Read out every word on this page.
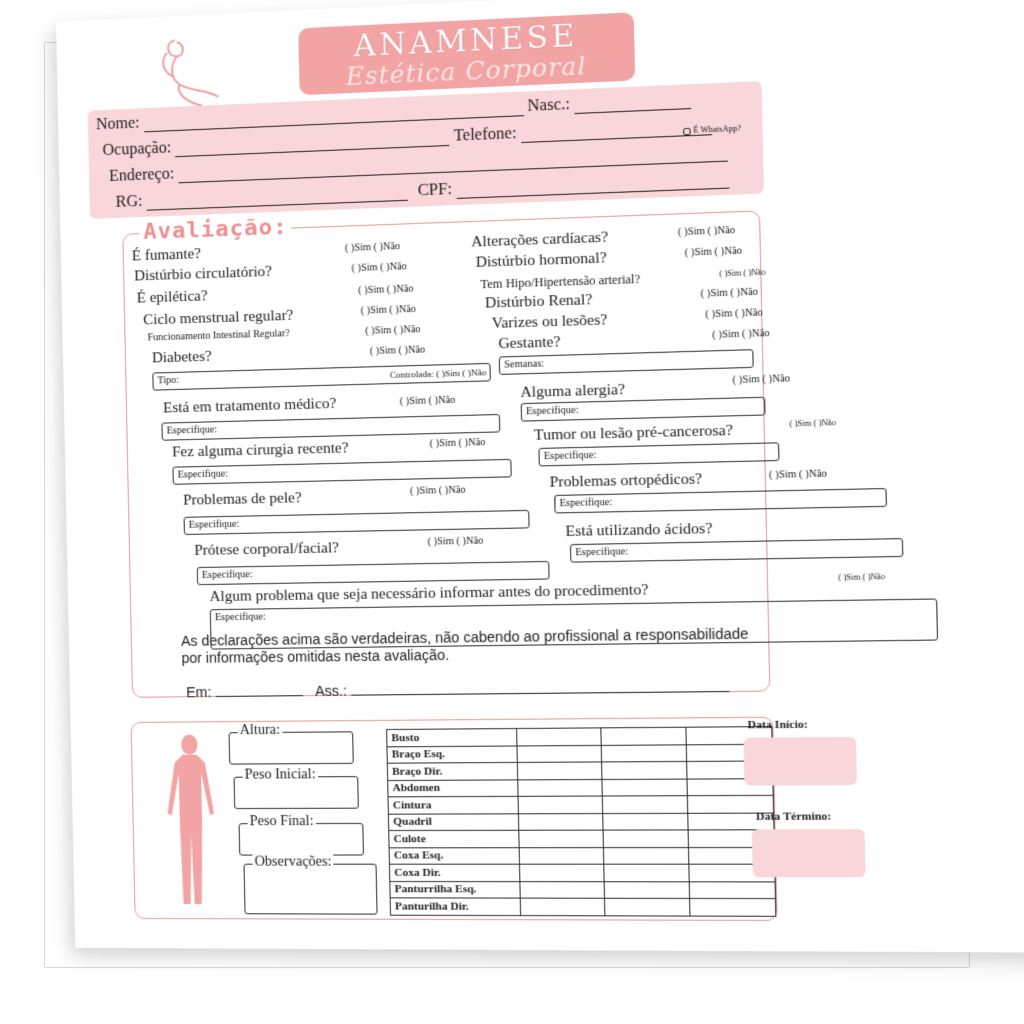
ANAMNESE
Estética Corporal
Nome:
Nasc.:
Ocupação:
Telefone:	É WhatsApp?
Endereço:
RG:
CPF:
Avaliação:
É fumante?	( )Sim ( )Não
Distúrbio circulatório?	( )Sim ( )Não
É epilética?	( )Sim ( )Não
Ciclo menstrual regular?	( )Sim ( )Não
Funcionamento Intestinal Regular?	( )Sim ( )Não
Diabetes?	( )Sim ( )Não
Tipo:
Controlada: ( )Sim ( )Não
Alterações cardíacas?	( )Sim ( )Não
Distúrbio hormonal?	( )Sim ( )Não
Tem Hipo/Hipertensão arterial?	( )Sim ( )Não
Distúrbio Renal?	( )Sim ( )Não
Varizes ou lesões?	( )Sim ( )Não
Gestante?	( )Sim ( )Não
Semanas:
Está em tratamento médico?	( )Sim ( )Não
Especifique:
Alguma alergia?
( )Sim ( )Não
Especifique:
Fez alguma cirurgia recente?	( )Sim ( )Não
Especifique:
Tumor ou lesão pré-cancerosa?	( )Sim ( )Não
Especifique:
Problemas de pele?	( )Sim ( )Não
Especifique:
Problemas ortopédicos?	( )Sim ( )Não
Especifique:
Prótese corporal/facial?	( )Sim ( )Não
Especifique:
Está utilizando ácidos?
Especifique:
Algum problema que seja necessário informar antes do procedimento?
( )Sim ( )Não
Especifique:
As declarações acima são verdadeiras, não cabendo ao profissional a responsabilidade por informações omitidas nesta avaliação.
Em:	Ass.:
Altura:
Peso Inicial:
Peso Final:
Observações:
Busto			
Braço Esq.			
Braço Dir.			
Abdomen			
Cintura			
Quadril			
Culote			
Coxa Esq.			
Coxa Dir.			
Panturrilha Esq.			
Panturilha Dir.			
Data Início:
Data Término:
